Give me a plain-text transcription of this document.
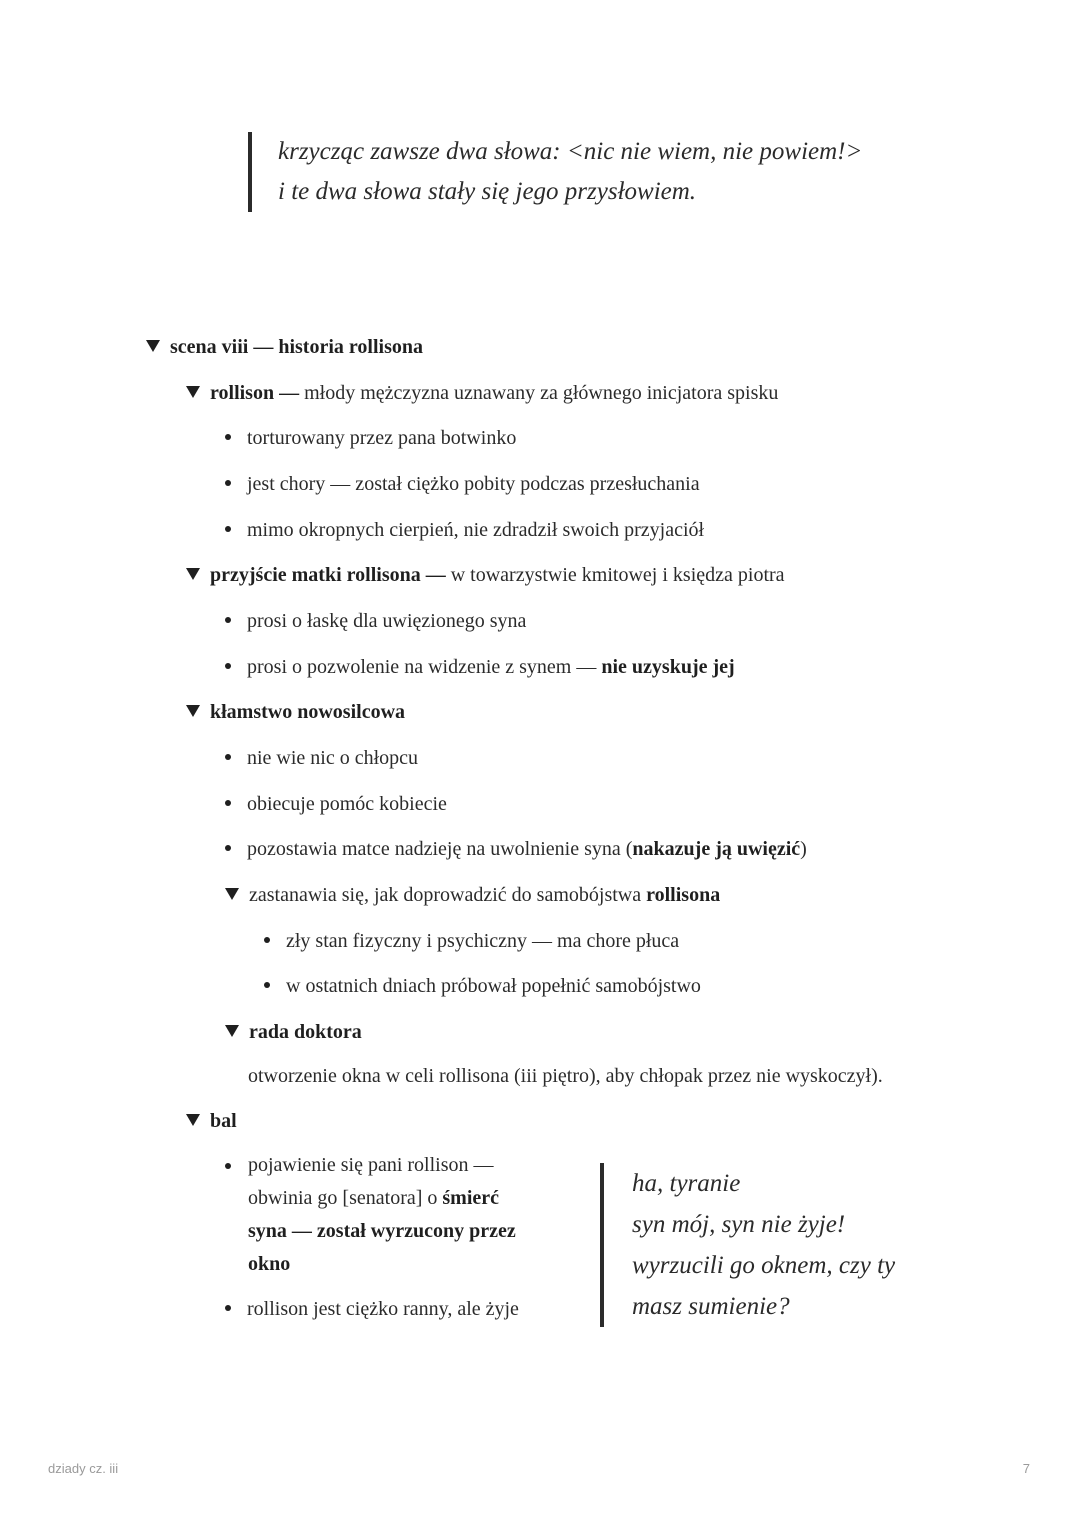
krzycząc zawsze dwa słowa: <nic nie wiem, nie powiem!>
i te dwa słowa stały się jego przysłowiem.
scena viii — historia rollisona
rollison — młody mężczyzna uznawany za głównego inicjatora spisku
torturowany przez pana botwinko
jest chory — został ciężko pobity podczas przesłuchania
mimo okropnych cierpień, nie zdradził swoich przyjaciół
przyjście matki rollisona — w towarzystwie kmitowej i księdza piotra
prosi o łaskę dla uwięzionego syna
prosi o pozwolenie na widzenie z synem — nie uzyskuje jej
kłamstwo nowosilcowa
nie wie nic o chłopcu
obiecuje pomóc kobiecie
pozostawia matce nadzieję na uwolnienie syna (nakazuje ją uwięzić)
zastanawia się, jak doprowadzić do samobójstwa rollisona
zły stan fizyczny i psychiczny — ma chore płuca
w ostatnich dniach próbował popełnić samobójstwo
rada doktora
otworzenie okna w celi rollisona (iii piętro), aby chłopak przez nie wyskoczył).
bal
pojawienie się pani rollison —
obwinia go [senatora] o śmierć
syna — został wyrzucony przez
okno
rollison jest ciężko ranny, ale żyje
ha, tyranie
syn mój, syn nie żyje!
wyrzucili go oknem, czy ty
masz sumienie?
dziady cz. iii	7
